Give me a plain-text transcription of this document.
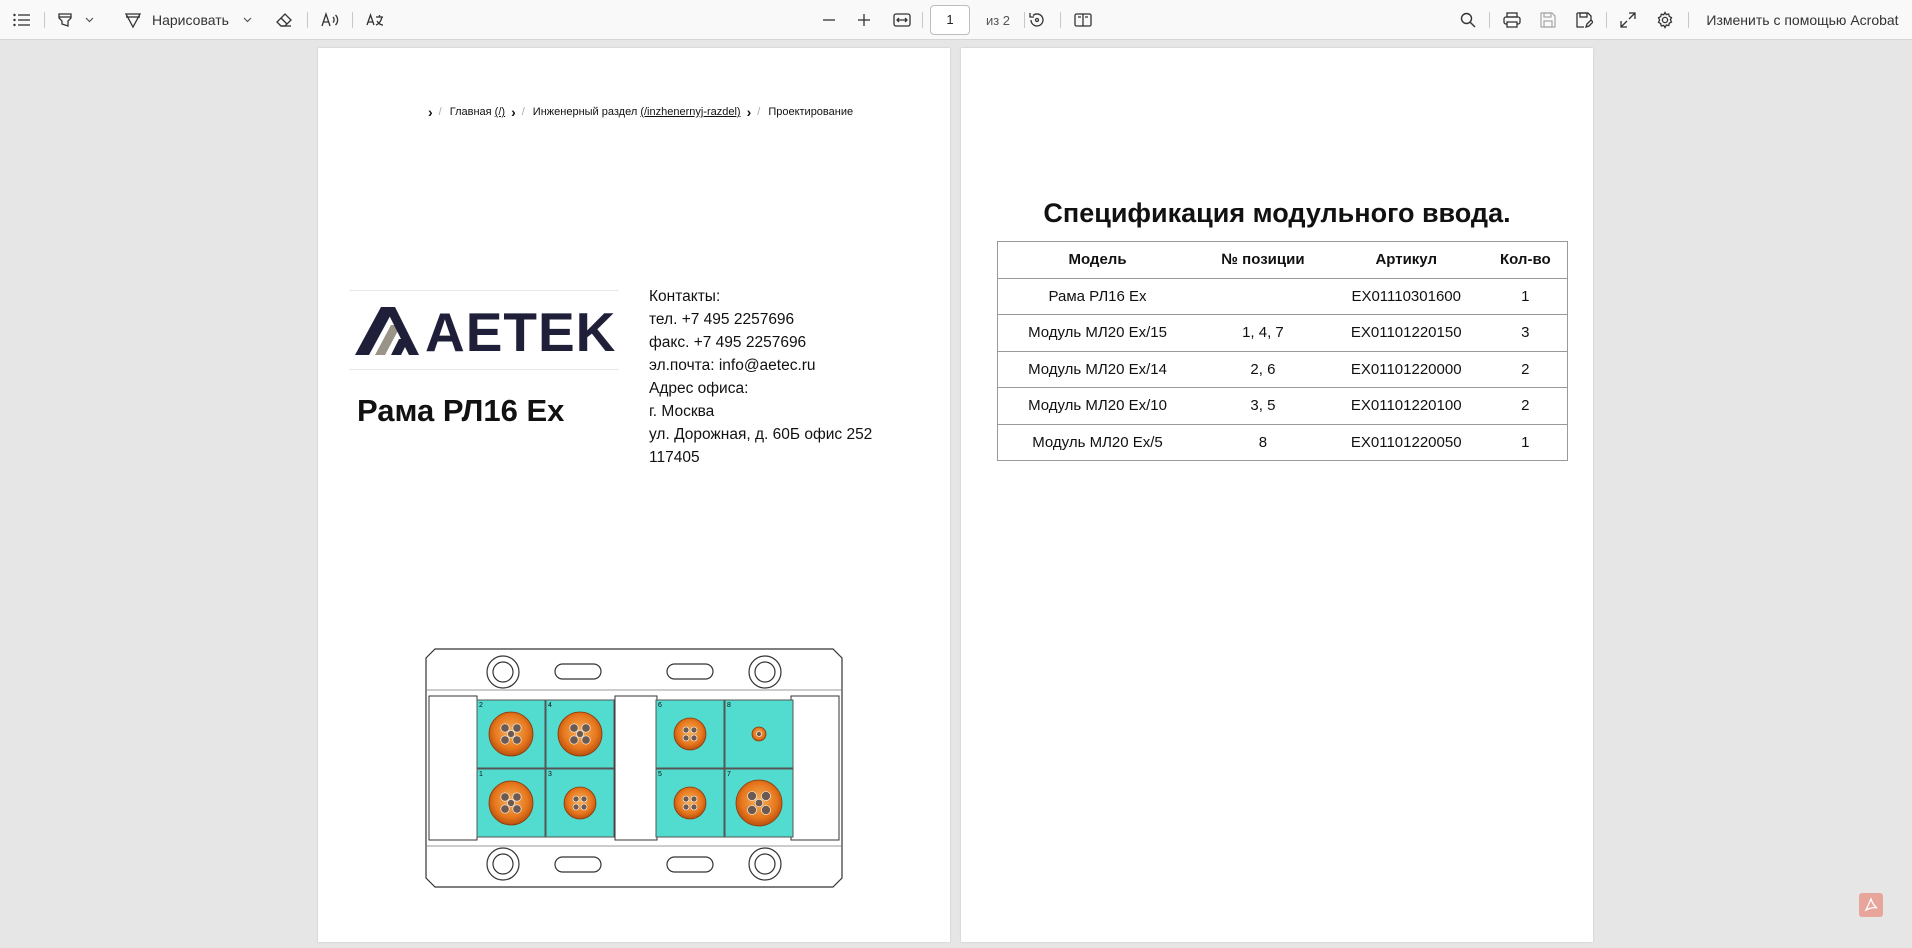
Нарисовать	1	из 2	Изменить с помощью Acrobat
› / Главная
(/) › / Инженерный раздел
(/inzhenernyj-razdel) › / Проектирование
AETEK
Рама РЛ16 Ex
Контакты:
тел. +7 495 2257696
факс. +7 495 2257696
эл.почта: info@aetec.ru
Адрес офиса:
г. Москва
ул. Дорожная, д. 60Б офис 252
117405
2	4
1	3
6	8
5	7
Спецификация модульного ввода.
Модель	№ позиции	Артикул	Кол-во
Рама РЛ16 Ex		EX01110301600	1
Модуль МЛ20 Ex/15	1, 4, 7	EX01101220150	3
Модуль МЛ20 Ex/14	2, 6	EX01101220000	2
Модуль МЛ20 Ex/10	3, 5	EX01101220100	2
Модуль МЛ20 Ex/5	8	EX01101220050	1
